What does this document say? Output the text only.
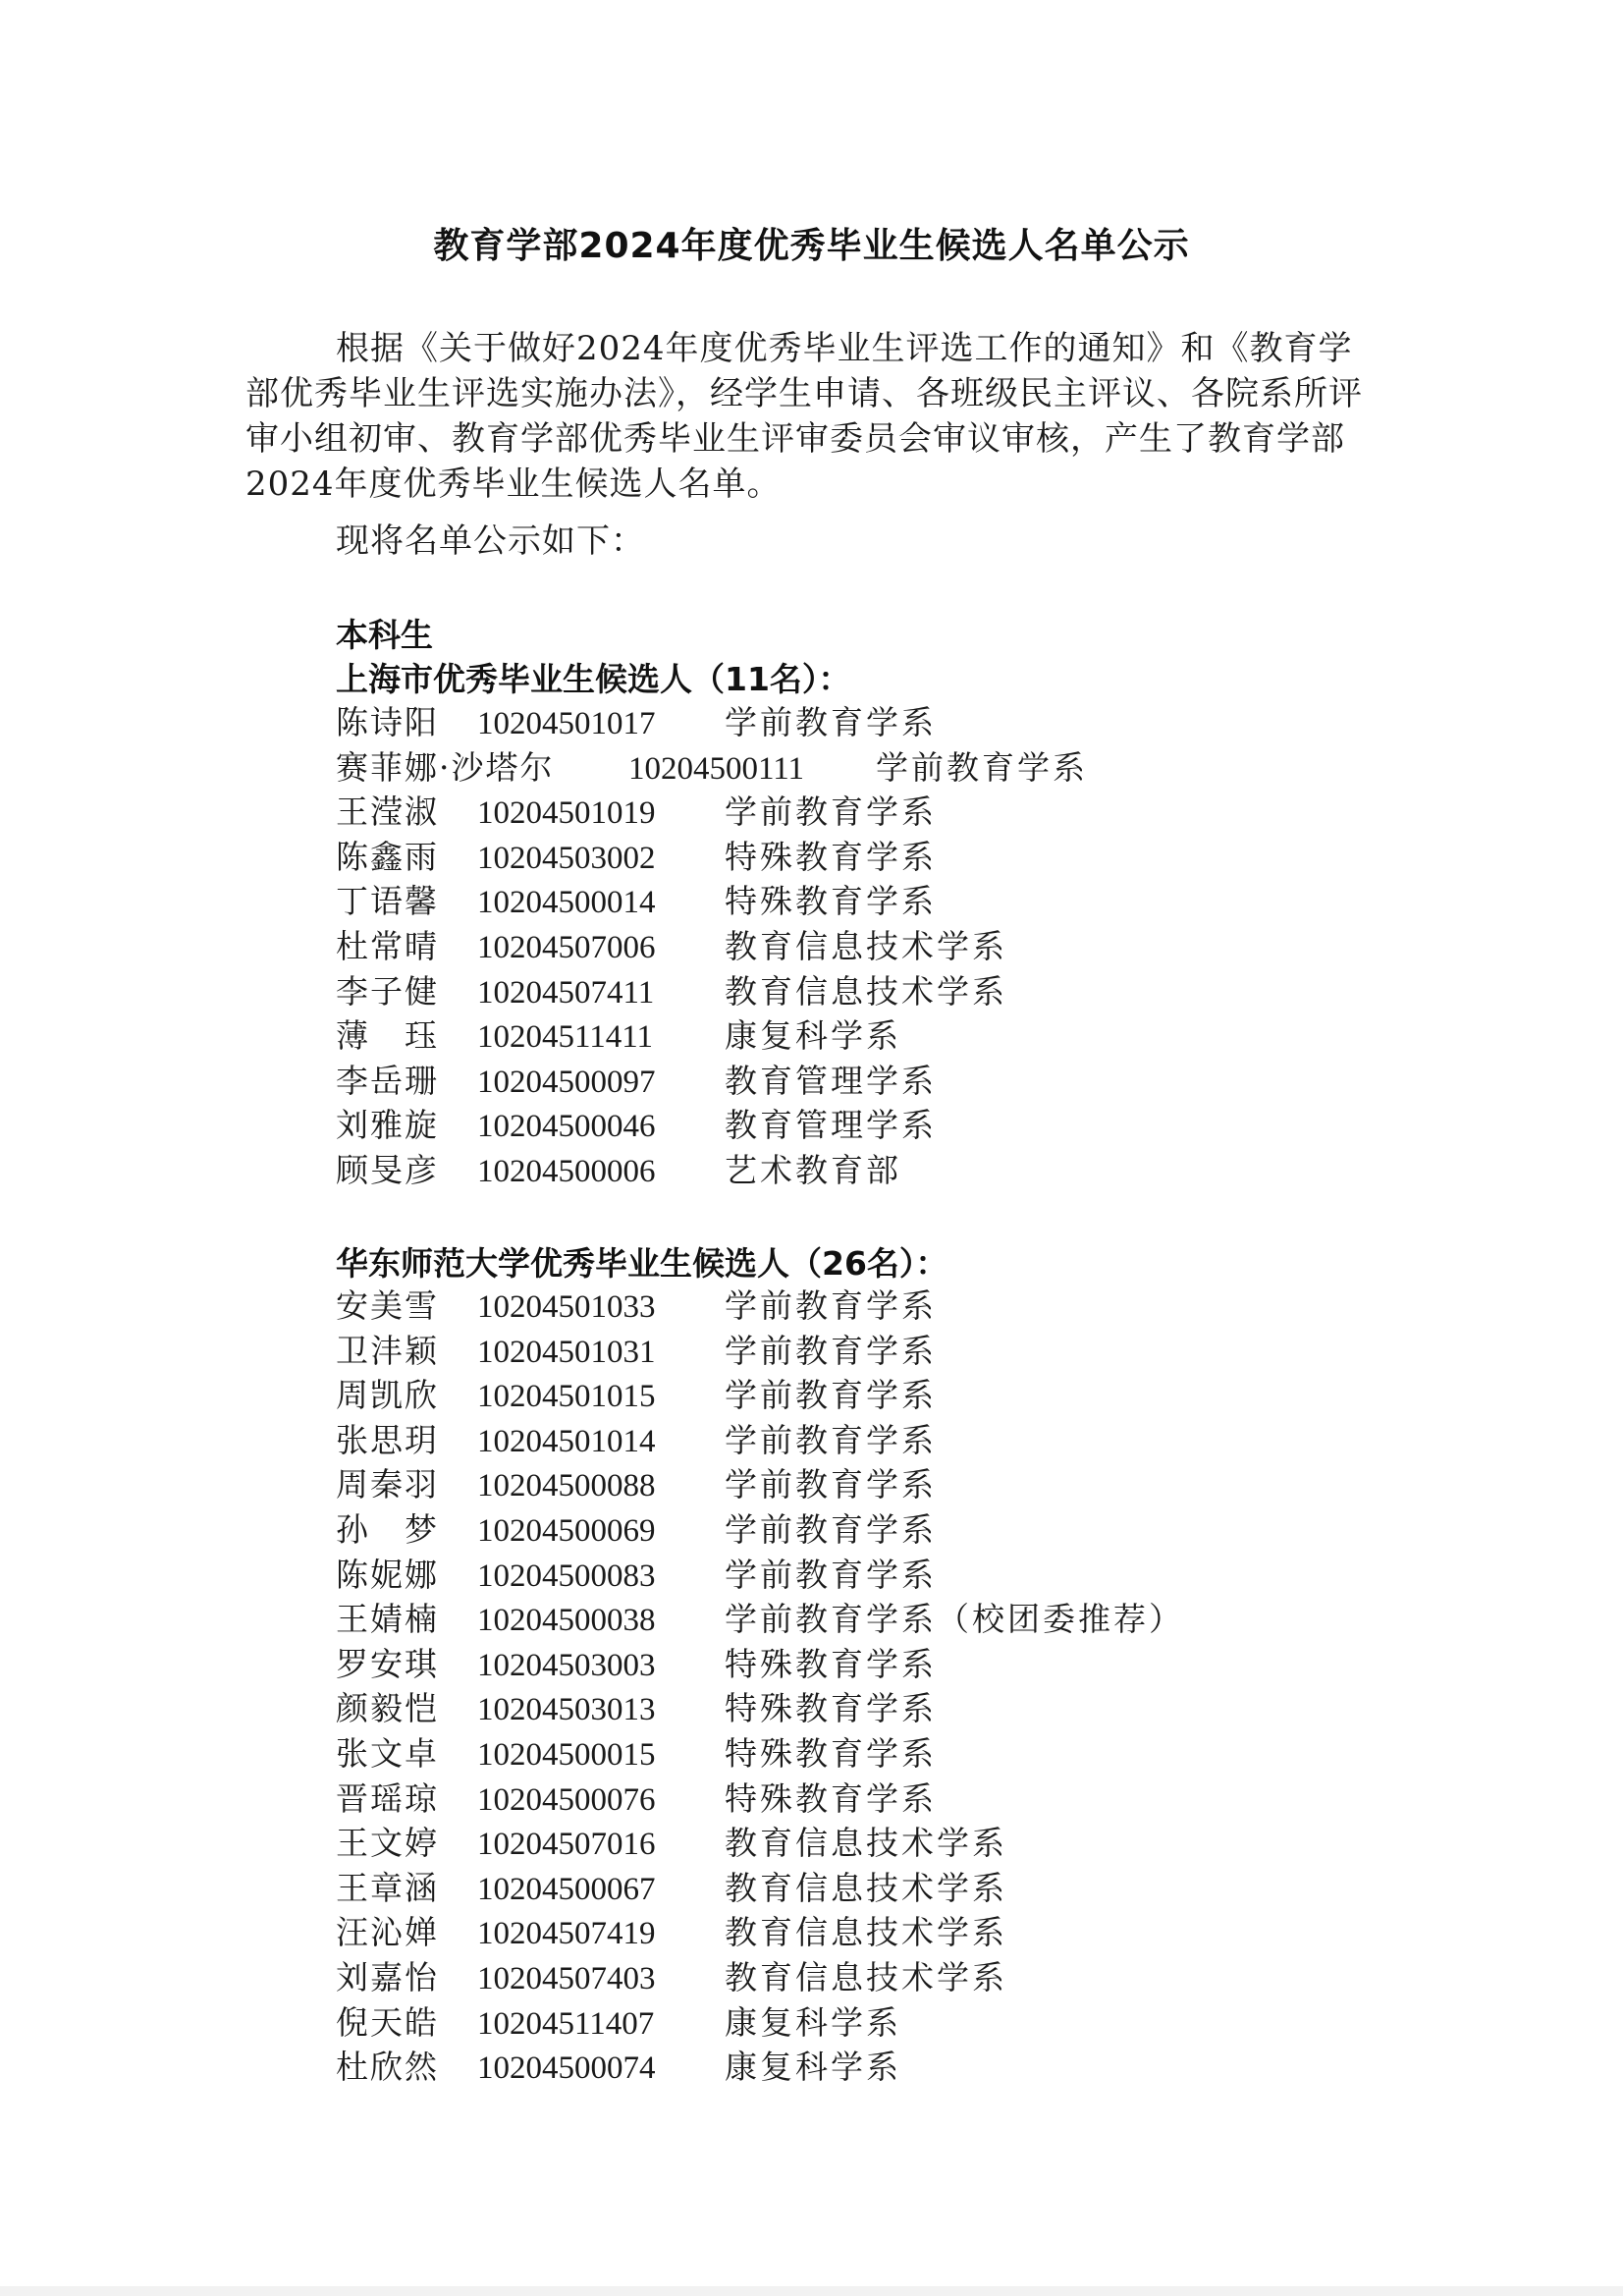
教育学部2024年度优秀毕业生候选人名单公示

根据《关于做好2024年度优秀毕业生评选工作的通知》和《教育学部优秀毕业生评选实施办法》，经学生申请、各班级民主评议、各院系所评审小组初审、教育学部优秀毕业生评审委员会审议审核，产生了教育学部 2024年度优秀毕业生候选人名单。

现将名单公示如下：

本科生
上海市优秀毕业生候选人（11名）：
陈诗阳 10204501017 学前教育学系
赛菲娜·沙塔尔 10204500111 学前教育学系
王滢淑 10204501019 学前教育学系
陈鑫雨 10204503002 特殊教育学系
丁语馨 10204500014 特殊教育学系
杜常晴 10204507006 教育信息技术学系
李子健 10204507411 教育信息技术学系
薄　珏 10204511411 康复科学系
李岳珊 10204500097 教育管理学系
刘雅旋 10204500046 教育管理学系
顾旻彦 10204500006 艺术教育部
华东师范大学优秀毕业生候选人（26名）：
安美雪 10204501033 学前教育学系
卫沣颖 10204501031 学前教育学系
周凯欣 10204501015 学前教育学系
张思玥 10204501014 学前教育学系
周秦羽 10204500088 学前教育学系
孙　梦 10204500069 学前教育学系
陈妮娜 10204500083 学前教育学系
王婧楠 10204500038 学前教育学系（校团委推荐）
罗安琪 10204503003 特殊教育学系
颜毅恺 10204503013 特殊教育学系
张文卓 10204500015 特殊教育学系
晋瑶琼 10204500076 特殊教育学系
王文婷 10204507016 教育信息技术学系
王章涵 10204500067 教育信息技术学系
汪沁婵 10204507419 教育信息技术学系
刘嘉怡 10204507403 教育信息技术学系
倪天皓 10204511407 康复科学系
杜欣然 10204500074 康复科学系
